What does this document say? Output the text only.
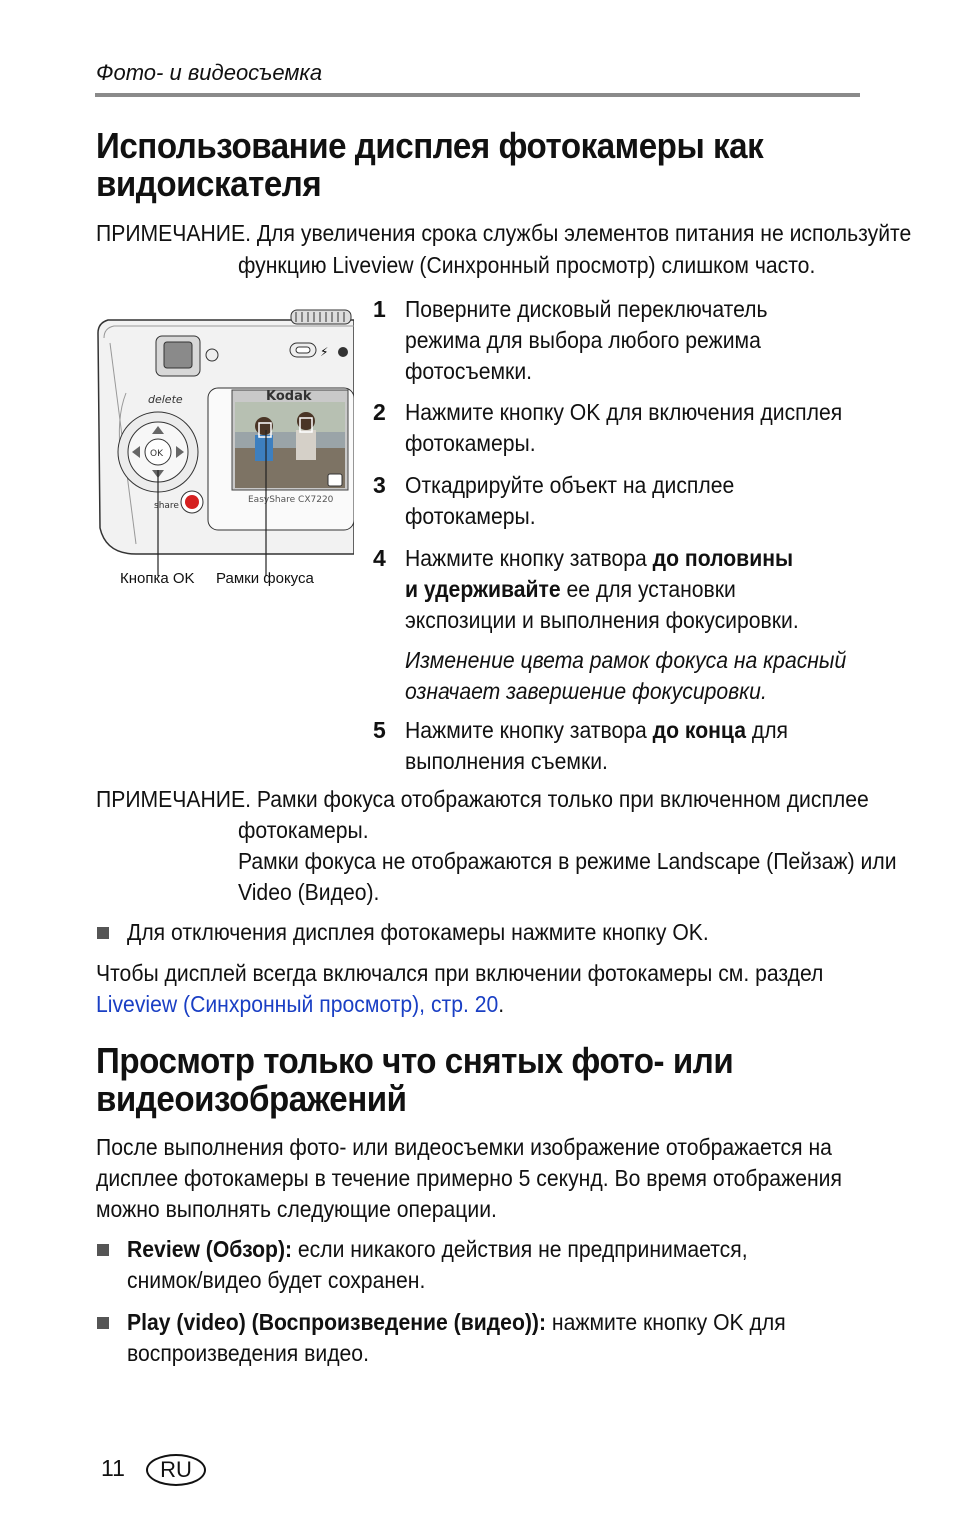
Фото- и видеосъемка
Использование дисплея фотокамеры как
видоискателя
ПРИМЕЧАНИЕ. Для увеличения срока службы элементов питания не используйте
функцию Liveview (Синхронный просмотр) слишком часто.
⚡
Kodak
EasyShare CX7220
delete
OK
share
Кнопка OK Рамки фокуса
1 Поверните дисковый переключатель
режима для выбора любого режима
фотосъемки.
2 Нажмите кнопку OK для включения дисплея
фотокамеры.
3 Откадрируйте объект на дисплее
фотокамеры.
4 Нажмите кнопку затвора до половины
и удерживайте ее для установки
экспозиции и выполнения фокусировки.
Изменение цвета рамок фокуса на красный
означает завершение фокусировки.
5 Нажмите кнопку затвора до конца для
выполнения съемки.
ПРИМЕЧАНИЕ. Рамки фокуса отображаются только при включенном дисплее
фотокамеры.
Рамки фокуса не отображаются в режиме Landscape (Пейзаж) или
Video (Видео).
Для отключения дисплея фотокамеры нажмите кнопку OK.
Чтобы дисплей всегда включался при включении фотокамеры см. раздел
Liveview (Синхронный просмотр), стр. 20.
Просмотр только что снятых фото- или
видеоизображений
После выполнения фото- или видеосъемки изображение отображается на
дисплее фотокамеры в течение примерно 5 секунд. Во время отображения
можно выполнять следующие операции.
Review (Обзор): если никакого действия не предпринимается,
снимок/видео будет сохранен.
Play (video) (Воспроизведение (видео)): нажмите кнопку OK для
воспроизведения видео.
11	RU
